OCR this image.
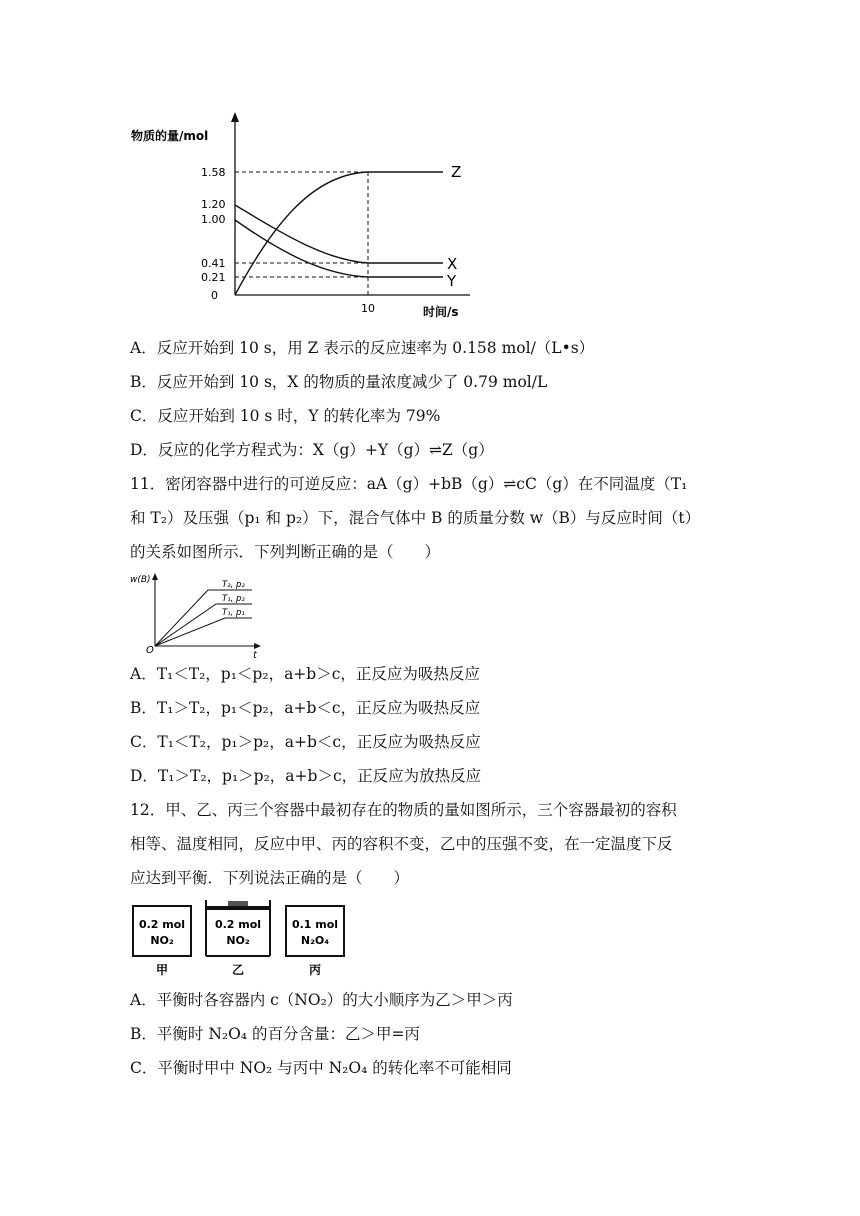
物质的量/mol
时间/s
1.58
1.20
1.00
0.41
0.21
0
10
Z
X
Y
A．反应开始到 10 s，用 Z 表示的反应速率为 0.158 mol/（L•s）
B．反应开始到 10 s，X 的物质的量浓度减少了 0.79 mol/L
C．反应开始到 10 s 时，Y 的转化率为 79%
D．反应的化学方程式为：X（g）+Y（g）⇌Z（g）
11．密闭容器中进行的可逆反应：aA（g）+bB（g）⇌cC（g）在不同温度（T₁
和 T₂）及压强（p₁ 和 p₂）下，混合气体中 B 的质量分数 w（B）与反应时间（t）
的关系如图所示．下列判断正确的是（　　）
w(B)
O	t
T₂, p₂
T₁, p₂
T₁, p₁
A．T₁＜T₂，p₁＜p₂，a+b＞c，正反应为吸热反应
B．T₁＞T₂，p₁＜p₂，a+b＜c，正反应为吸热反应
C．T₁＜T₂，p₁＞p₂，a+b＜c，正反应为吸热反应
D．T₁＞T₂，p₁＞p₂，a+b＞c，正反应为放热反应
12．甲、乙、丙三个容器中最初存在的物质的量如图所示，三个容器最初的容积
相等、温度相同，反应中甲、丙的容积不变，乙中的压强不变，在一定温度下反
应达到平衡．下列说法正确的是（　　）
0.2 mol
NO₂
甲
0.2 mol
NO₂
乙
0.1 mol
N₂O₄
丙
A．平衡时各容器内 c（NO₂）的大小顺序为乙＞甲＞丙
B．平衡时 N₂O₄ 的百分含量：乙＞甲=丙
C．平衡时甲中 NO₂ 与丙中 N₂O₄ 的转化率不可能相同
